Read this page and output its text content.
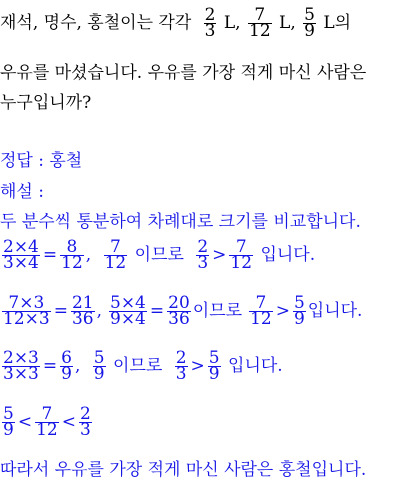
재석, 명수, 홍철이는 각각 $\frac{2}{3} L$, $\frac{7}{12} L$, $\frac{5}{9}$ L의
우유를 마셨습니다. 우유를 가장 적게 마신 사람은
누구입니까?
정답 : 홍철
해설 :
두 분수씩 통분하여 차례대로 크기를 비교합니다.
$\frac{2\times 4}{3\times 4} = \frac{8}{12}$ , $\frac{7}{12}$ 이므로 $\frac{2}{3} > \frac{7}{12}$ 입니다.
$\frac{7\times 3}{12\times 3} = \frac{21}{36}$ , $\frac{5\times 4}{9\times 4} = \frac{20}{36}$ 이므로 $\frac{7}{12} > \frac{5}{9}$ 입니다.
$\frac{2\times 3}{3\times 3} = \frac{6}{9}$ , $\frac{5}{9}$ 이므로 $\frac{2}{3} > \frac{5}{9}$ 입니다.
$\frac{5}{9} < \frac{7}{12} < \frac{2}{3}$
따라서 우유를 가장 적게 마신 사람은 홍철입니다.
